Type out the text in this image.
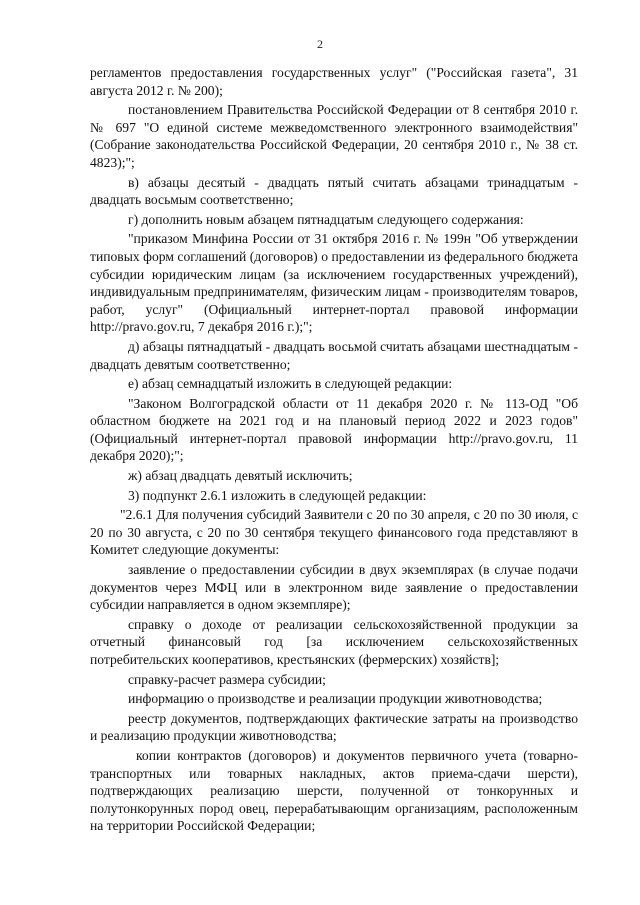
2

регламентов предоставления государственных услуг" ("Российская газета", 31 августа 2012 г. № 200);

постановлением Правительства Российской Федерации от 8 сентября 2010 г. № 697 "О единой системе межведомственного электронного взаимодействия" (Собрание законодательства Российской Федерации, 20 сентября 2010 г., № 38 ст. 4823);";

в) абзацы десятый - двадцать пятый считать абзацами тринадцатым - двадцать восьмым соответственно;

г) дополнить новым абзацем пятнадцатым следующего содержания:

"приказом Минфина России от 31 октября 2016 г. № 199н "Об утверждении типовых форм соглашений (договоров) о предоставлении из федерального бюджета субсидии юридическим лицам (за исключением государственных учреждений), индивидуальным предпринимателям, физическим лицам - производителям товаров, работ, услуг" (Официальный интернет-портал правовой информации http://pravo.gov.ru, 7 декабря 2016 г.);";

д) абзацы пятнадцатый - двадцать восьмой считать абзацами шестнадцатым - двадцать девятым соответственно;

е) абзац семнадцатый изложить в следующей редакции:

"Законом Волгоградской области от 11 декабря 2020 г. № 113-ОД "Об областном бюджете на 2021 год и на плановый период 2022 и 2023 годов" (Официальный интернет-портал правовой информации http://pravo.gov.ru, 11 декабря 2020);";

ж) абзац двадцать девятый исключить;

3) подпункт 2.6.1 изложить в следующей редакции:

"2.6.1 Для получения субсидий Заявители с 20 по 30 апреля, с 20 по 30 июля, с 20 по 30 августа, с 20 по 30 сентября текущего финансового года представляют в Комитет следующие документы:

заявление о предоставлении субсидии в двух экземплярах (в случае подачи документов через МФЦ или в электронном виде заявление о предоставлении субсидии направляется в одном экземпляре);

справку о доходе от реализации сельскохозяйственной продукции за отчетный финансовый год [за исключением сельскохозяйственных потребительских кооперативов, крестьянских (фермерских) хозяйств];

справку-расчет размера субсидии;

информацию о производстве и реализации продукции животноводства;

реестр документов, подтверждающих фактические затраты на производство и реализацию продукции животноводства;

копии контрактов (договоров) и документов первичного учета (товарно-транспортных или товарных накладных, актов приема-сдачи шерсти), подтверждающих реализацию шерсти, полученной от тонкорунных и полутонкорунных пород овец, перерабатывающим организациям, расположенным на территории Российской Федерации;
